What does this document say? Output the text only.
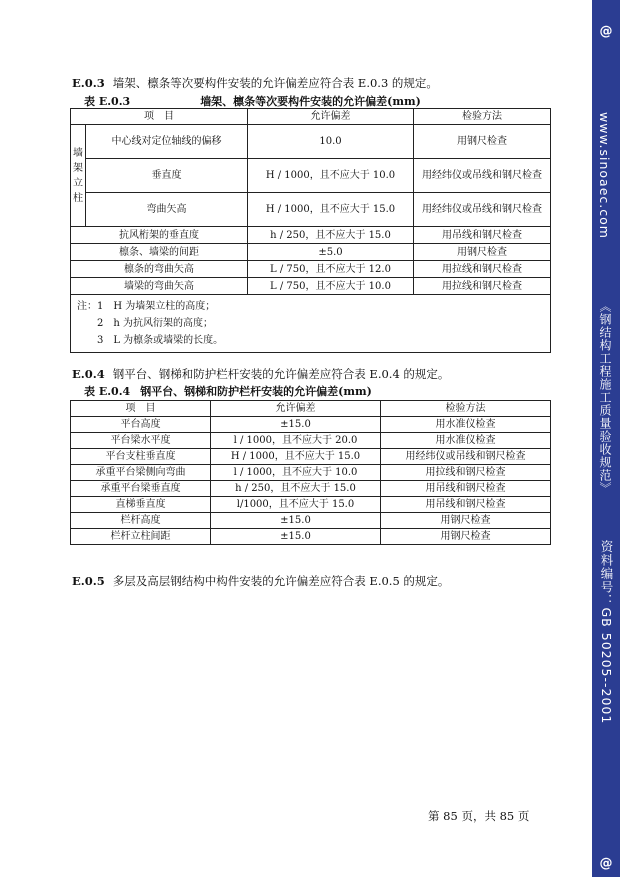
E.0.3 墙架、檩条等次要构件安装的允许偏差应符合表 E.0.3 的规定。
表 E.0.3	墙架、檩条等次要构件安装的允许偏差(mm)
项　目		允许偏差	检验方法
墙
架
立
柱	中心线对定位轴线的偏移	10.0	用钢尺检查
	垂直度	H / 1000，且不应大于 10.0	用经纬仪或吊线和钢尺检查
	弯曲矢高	H / 1000，且不应大于 15.0	用经纬仪或吊线和钢尺检查
抗风桁架的垂直度		h / 250，且不应大于 15.0	用吊线和钢尺检查
檩条、墙梁的间距		±5.0	用钢尺检查
檩条的弯曲矢高		L / 750，且不应大于 12.0	用拉线和钢尺检查
墙梁的弯曲矢高		L / 750，且不应大于 10.0	用拉线和钢尺检查

注：1　H 为墙架立柱的高度；
2　h 为抗风衍架的高度；
3　L 为檩条或墙梁的长度。			
E.0.4 钢平台、钢梯和防护栏杆安装的允许偏差应符合表 E.0.4 的规定。
表 E.0.4 钢平台、钢梯和防护栏杆安装的允许偏差(mm)
项　目	允许偏差	检验方法
平台高度	±15.0	用水准仪检查
平台梁水平度	l / 1000，且不应大于 20.0	用水准仪检查
平台支柱垂直度	H / 1000，且不应大于 15.0	用经纬仪或吊线和钢尺检查
承重平台梁侧向弯曲	l / 1000，且不应大于 10.0	用拉线和钢尺检查
承重平台梁垂直度	h / 250，且不应大于 15.0	用吊线和钢尺检查
直梯垂直度	l/1000，且不应大于 15.0	用吊线和钢尺检查
栏杆高度	±15.0	用钢尺检查
栏杆立柱间距	±15.0	用钢尺检查
E.0.5 多层及高层钢结构中构件安装的允许偏差应符合表 E.0.5 的规定。
第 85 页，共 85 页
@
www.sinoaec.com
《钢结构工程施工质量验收规范》
资料编号：GB 50205--2001
@
